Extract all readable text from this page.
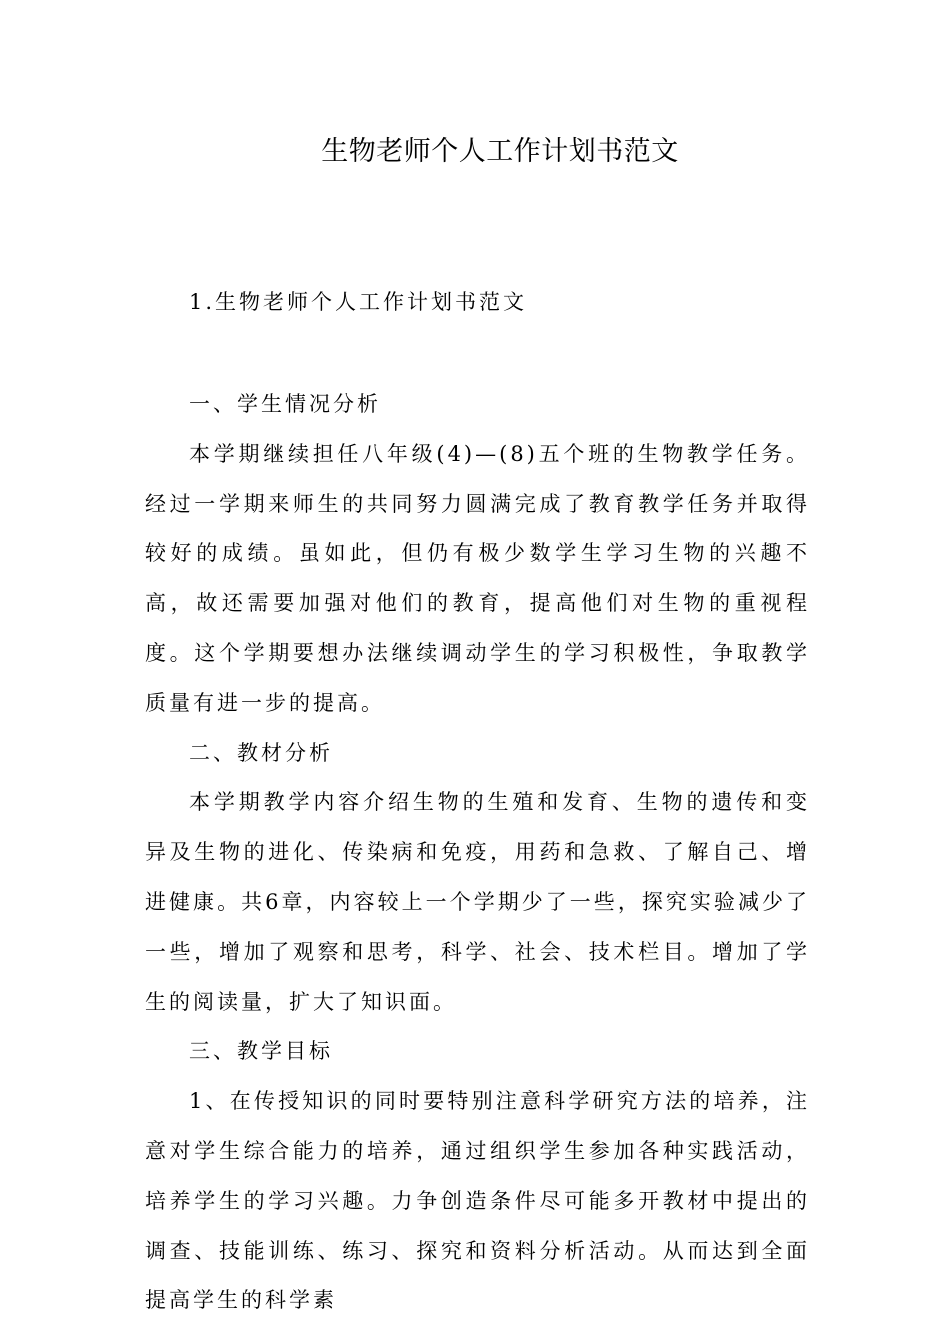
生物老师个人工作计划书范文

1.生物老师个人工作计划书范文

一、学生情况分析

本学期继续担任八年级(4)—(8)五个班的生物教学任务。经过一学期来师生的共同努力圆满完成了教育教学任务并取得较好的成绩。虽如此，但仍有极少数学生学习生物的兴趣不高，故还需要加强对他们的教育，提高他们对生物的重视程度。这个学期要想办法继续调动学生的学习积极性，争取教学质量有进一步的提高。

二、教材分析

本学期教学内容介绍生物的生殖和发育、生物的遗传和变异及生物的进化、传染病和免疫，用药和急救、了解自己、增进健康。共6章，内容较上一个学期少了一些，探究实验减少了一些，增加了观察和思考，科学、社会、技术栏目。增加了学生的阅读量，扩大了知识面。

三、教学目标

1、在传授知识的同时要特别注意科学研究方法的培养，注意对学生综合能力的培养，通过组织学生参加各种实践活动，培养学生的学习兴趣。力争创造条件尽可能多开教材中提出的调查、技能训练、练习、探究和资料分析活动。从而达到全面提高学生的科学素
